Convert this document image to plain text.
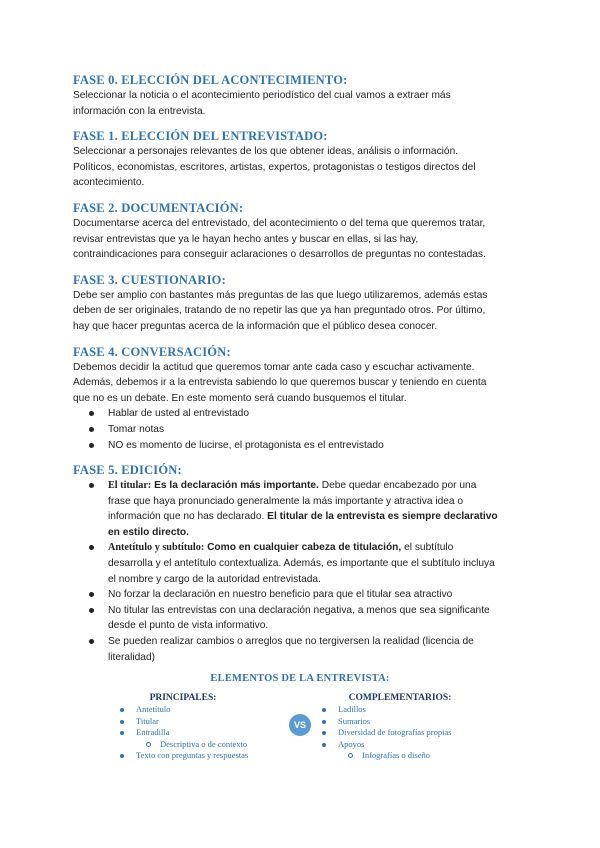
FASE 0. ELECCIÓN DEL ACONTECIMIENTO:
Seleccionar la noticia o el acontecimiento periodístico del cual vamos a extraer más
información con la entrevista.
FASE 1. ELECCIÓN DEL ENTREVISTADO:
Seleccionar a personajes relevantes de los que obtener ideas, análisis o información.
Políticos, economistas, escritores, artistas, expertos, protagonistas o testigos directos del
acontecimiento.
FASE 2. DOCUMENTACIÓN:
Documentarse acerca del entrevistado, del acontecimiento o del tema que queremos tratar,
revisar entrevistas que ya le hayan hecho antes y buscar en ellas, si las hay,
contraindicaciones para conseguir aclaraciones o desarrollos de preguntas no contestadas.
FASE 3. CUESTIONARIO:
Debe ser amplio con bastantes más preguntas de las que luego utilizaremos, además estas
deben de ser originales, tratando de no repetir las que ya han preguntado otros. Por último,
hay que hacer preguntas acerca de la información que el público desea conocer.
FASE 4. CONVERSACIÓN:
Debemos decidir la actitud que queremos tomar ante cada caso y escuchar activamente.
Además, debemos ir a la entrevista sabiendo lo que queremos buscar y teniendo en cuenta
que no es un debate. En este momento será cuando busquemos el titular.
Hablar de usted al entrevistado
Tomar notas
NO es momento de lucirse, el protagonista es el entrevistado
FASE 5. EDICIÓN:
El titular: Es la declaración más importante. Debe quedar encabezado por una
frase que haya pronunciado generalmente la más importante y atractiva idea o
información que no has declarado. El titular de la entrevista es siempre declarativo
en estilo directo.
Antetítulo y subtítulo: Como en cualquier cabeza de titulación, el subtítulo
desarrolla y el antetítulo contextualiza. Además, es importante que el subtítulo incluya
el nombre y cargo de la autoridad entrevistada.
No forzar la declaración en nuestro beneficio para que el titular sea atractivo
No titular las entrevistas con una declaración negativa, a menos que sea significante
desde el punto de vista informativo.
Se pueden realizar cambios o arreglos que no tergiversen la realidad (licencia de
literalidad)
ELEMENTOS DE LA ENTREVISTA:
PRINCIPALES:
Antetítulo
Titular
Entradilla
Descriptiva o de contexto
Texto con preguntas y respuestas
VS
COMPLEMENTARIOS:
Ladillos
Sumarios
Diversidad de fotografías propias
Apoyos
Infografías o diseño
